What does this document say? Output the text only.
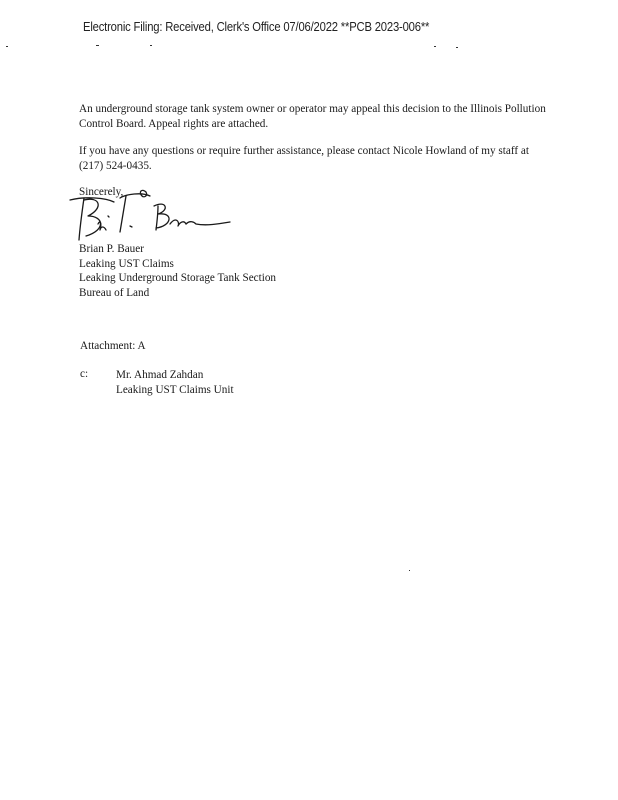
Electronic Filing: Received, Clerk's Office 07/06/2022 **PCB 2023-006**

An underground storage tank system owner or operator may appeal this decision to the Illinois Pollution Control Board. Appeal rights are attached.

If you have any questions or require further assistance, please contact Nicole Howland of my staff at (217) 524-0435.

Sincerely,
Brian P. Bauer
Leaking UST Claims
Leaking Underground Storage Tank Section
Bureau of Land
Attachment: A
c: Mr. Ahmad Zahdan
Leaking UST Claims Unit
